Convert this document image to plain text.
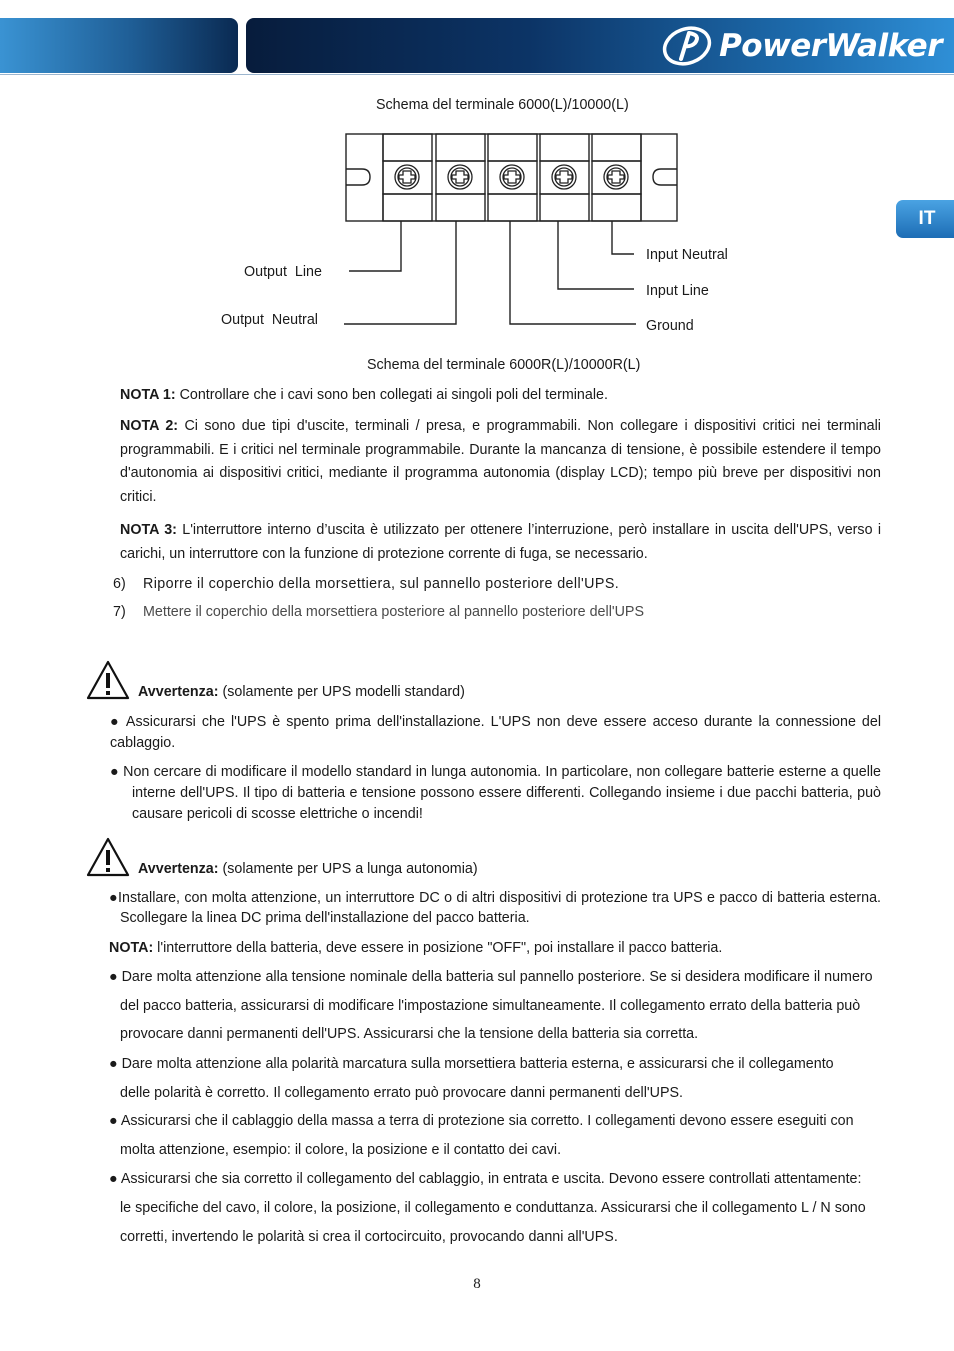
PowerWalker
IT
Schema del terminale 6000(L)/10000(L)
Output  Line
Output  Neutral
Input Neutral
Input Line
Ground
Schema del terminale 6000R(L)/10000R(L)
NOTA 1: Controllare che i cavi sono ben collegati ai singoli poli del terminale.
NOTA 2: Ci sono due tipi d'uscite, terminali / presa, e programmabili. Non collegare i dispositivi critici nei terminali programmabili. E i critici nel terminale programmabile. Durante la mancanza di tensione, è possibile estendere il tempo d'autonomia ai dispositivi critici, mediante il programma autonomia (display LCD); tempo più breve per dispositivi non critici.
NOTA 3: L'interruttore interno d’uscita è utilizzato per ottenere l’interruzione, però installare in uscita dell'UPS, verso i carichi, un interruttore con la funzione di protezione corrente di fuga, se necessario.
6) Riporre il coperchio della morsettiera, sul pannello posteriore dell'UPS.
7) Mettere il coperchio della morsettiera posteriore al pannello posteriore dell'UPS
Avvertenza: (solamente per UPS modelli standard)
● Assicurarsi che l'UPS è spento prima dell'installazione. L'UPS non deve essere acceso durante la connessione del cablaggio.
● Non cercare di modificare il modello standard in lunga autonomia. In particolare, non collegare batterie esterne a quelle interne dell'UPS. Il tipo di batteria e tensione possono essere differenti. Collegando insieme i due pacchi batteria, può causare pericoli di scosse elettriche o incendi!
Avvertenza: (solamente per UPS a lunga autonomia)
●Installare, con molta attenzione, un interruttore DC o di altri dispositivi di protezione tra UPS e pacco di batteria esterna. Scollegare la linea DC prima dell'installazione del pacco batteria.
NOTA: l'interruttore della batteria, deve essere in posizione "OFF", poi installare il pacco batteria.
● Dare molta attenzione alla tensione nominale della batteria sul pannello posteriore. Se si desidera modificare il numero del pacco batteria, assicurarsi di modificare l'impostazione simultaneamente. Il collegamento errato della batteria può provocare danni permanenti dell'UPS. Assicurarsi che la tensione della batteria sia corretta.
● Dare molta attenzione alla polarità marcatura sulla morsettiera batteria esterna, e assicurarsi che il collegamento delle polarità è corretto. Il collegamento errato può provocare danni permanenti dell'UPS.
● Assicurarsi che il cablaggio della massa a terra di protezione sia corretto. I collegamenti devono essere eseguiti con molta attenzione, esempio: il colore, la posizione e il contatto dei cavi.
● Assicurarsi che sia corretto il collegamento del cablaggio, in entrata e uscita. Devono essere controllati attentamente: le specifiche del cavo, il colore, la posizione, il collegamento e conduttanza. Assicurarsi che il collegamento L / N sono corretti, invertendo le polarità si crea il cortocircuito, provocando danni all'UPS.
8
